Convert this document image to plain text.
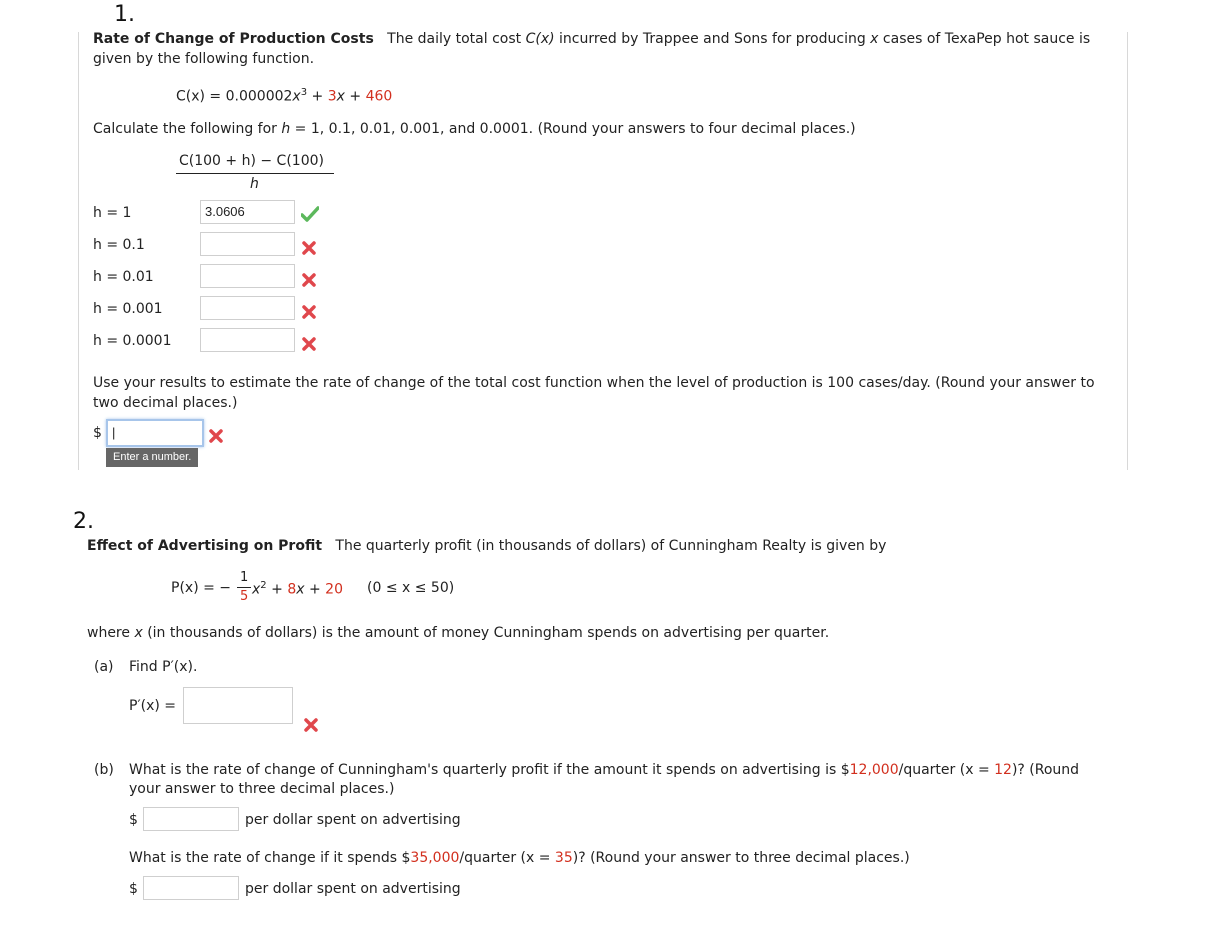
1.
Rate of Change of Production Costs The daily total cost C(x) incurred by Trappee and Sons for producing x cases of TexaPep hot sauce is
given by the following function.
$C(x) = 0.000002x^3 + 3x + 460$
Calculate the following for h = 1, 0.1, 0.01, 0.001, and 0.0001. (Round your answers to four decimal places.)
C(100 + h) − C(100)
h
h = 1	3.0606
h = 0.1
h = 0.01
h = 0.001
h = 0.0001
Use your results to estimate the rate of change of the total cost function when the level of production is 100 cases/day. (Round your answer to
two decimal places.)
$ |
Enter a number.
2.
Effect of Advertising on Profit The quarterly profit (in thousands of dollars) of Cunningham Realty is given by
P(x) = −
1
5 $x^2 + 8x + 20$ (0 ≤ x ≤ 50)
where x (in thousands of dollars) is the amount of money Cunningham spends on advertising per quarter.
(a) Find P′(x).
P′(x) =
(b) What is the rate of change of Cunningham's quarterly profit if the amount it spends on advertising is $12,000/quarter (x = 12)? (Round
your answer to three decimal places.)
$	per dollar spent on advertising
What is the rate of change if it spends $35,000/quarter (x = 35)? (Round your answer to three decimal places.)
$	per dollar spent on advertising
